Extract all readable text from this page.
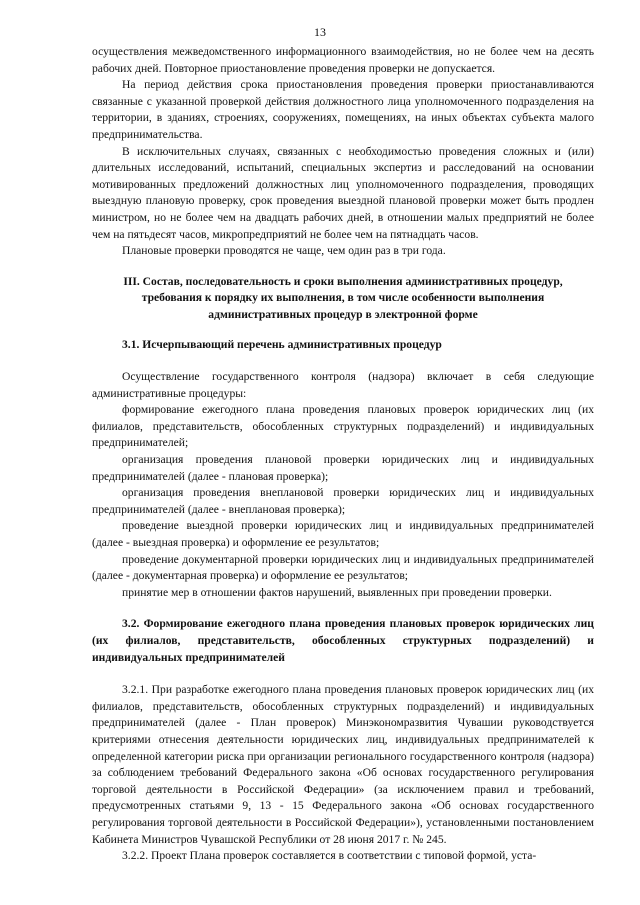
13

осуществления межведомственного информационного взаимодействия, но не более чем на десять рабочих дней. Повторное приостановление проведения проверки не допускается.

На период действия срока приостановления проведения проверки приостанавливаются связанные с указанной проверкой действия должностного лица уполномоченного подразделения на территории, в зданиях, строениях, сооружениях, помещениях, на иных объектах субъекта малого предпринимательства.

В исключительных случаях, связанных с необходимостью проведения сложных и (или) длительных исследований, испытаний, специальных экспертиз и расследований на основании мотивированных предложений должностных лиц уполномоченного подразделения, проводящих выездную плановую проверку, срок проведения выездной плановой проверки может быть продлен министром, но не более чем на двадцать рабочих дней, в отношении малых предприятий не более чем на пятьдесят часов, микропредприятий не более чем на пятнадцать часов.

Плановые проверки проводятся не чаще, чем один раз в три года.

III. Состав, последовательность и сроки выполнения административных процедур, требования к порядку их выполнения, в том числе особенности выполнения административных процедур в электронной форме

3.1. Исчерпывающий перечень административных процедур

Осуществление государственного контроля (надзора) включает в себя следующие административные процедуры:

формирование ежегодного плана проведения плановых проверок юридических лиц (их филиалов, представительств, обособленных структурных подразделений) и индивидуальных предпринимателей;

организация проведения плановой проверки юридических лиц и индивидуальных предпринимателей (далее - плановая проверка);

организация проведения внеплановой проверки юридических лиц и индивидуальных предпринимателей (далее - внеплановая проверка);

проведение выездной проверки юридических лиц и индивидуальных предпринимателей (далее - выездная проверка) и оформление ее результатов;

проведение документарной проверки юридических лиц и индивидуальных предпринимателей (далее - документарная проверка) и оформление ее результатов;

принятие мер в отношении фактов нарушений, выявленных при проведении проверки.

3.2. Формирование ежегодного плана проведения плановых проверок юридических лиц (их филиалов, представительств, обособленных структурных подразделений) и индивидуальных предпринимателей

3.2.1. При разработке ежегодного плана проведения плановых проверок юридических лиц (их филиалов, представительств, обособленных структурных подразделений) и индивидуальных предпринимателей (далее - План проверок) Минэкономразвития Чувашии руководствуется критериями отнесения деятельности юридических лиц, индивидуальных предпринимателей к определенной категории риска при организации регионального государственного контроля (надзора) за соблюдением требований Федерального закона «Об основах государственного регулирования торговой деятельности в Российской Федерации» (за исключением правил и требований, предусмотренных статьями 9, 13 - 15 Федерального закона «Об основах государственного регулирования торговой деятельности в Российской Федерации»), установленными постановлением Кабинета Министров Чувашской Республики от 28 июня 2017 г. № 245.

3.2.2. Проект Плана проверок составляется в соответствии с типовой формой, уста-
